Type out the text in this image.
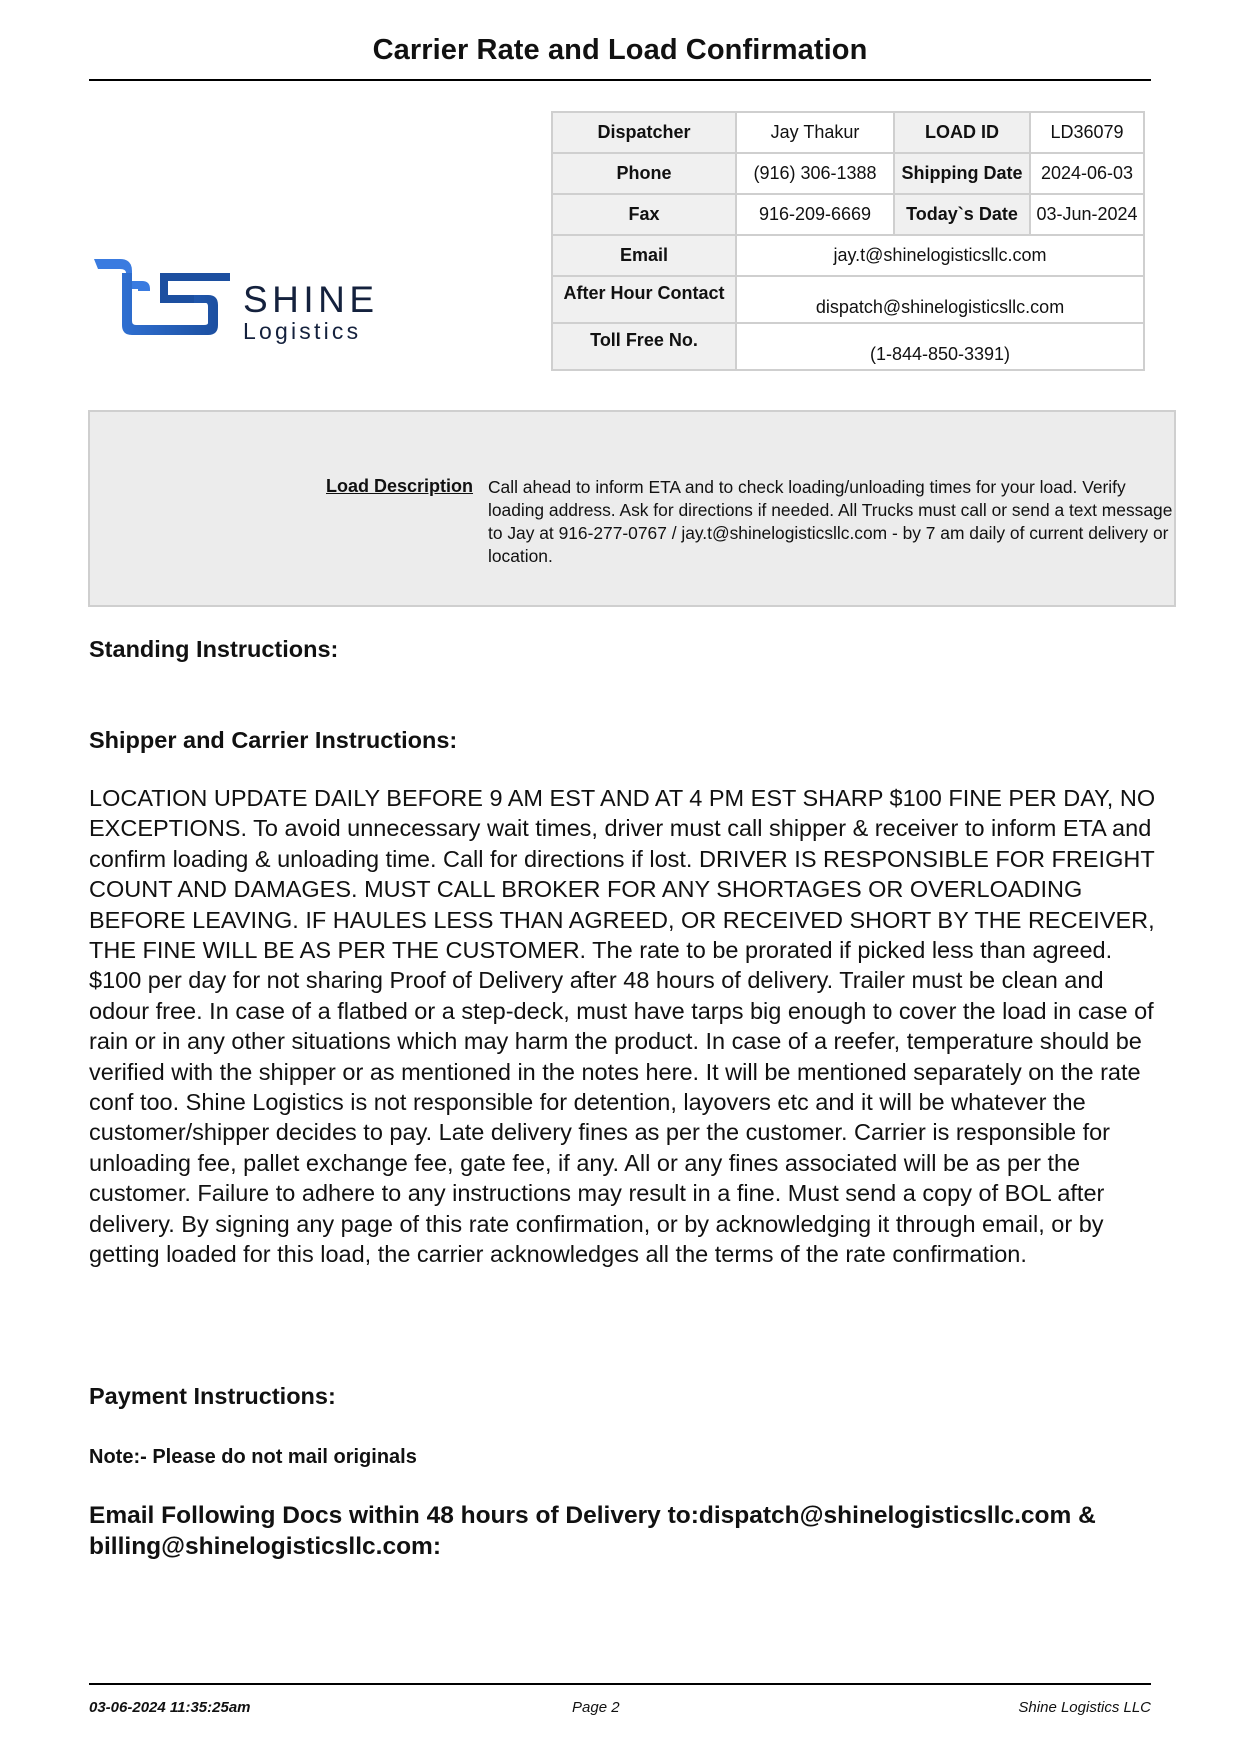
Carrier Rate and Load Confirmation
SHINE
Logistics
Dispatcher	Jay Thakur	LOAD ID	LD36079
Phone	(916) 306-1388	Shipping Date	2024-06-03
Fax	916-209-6669	Today`s Date	03-Jun-2024
Email	jay.t@shinelogisticsllc.com		
After Hour Contact	dispatch@shinelogisticsllc.com		
Toll Free No.	(1-844-850-3391)		
Load Description Call ahead to inform ETA and to check loading/unloading times for your load. Verify loading address. Ask for directions if needed. All Trucks must call or send a text message to Jay at 916-277-0767 / jay.t@shinelogisticsllc.com - by 7 am daily of current delivery or location.
Standing Instructions:
Shipper and Carrier Instructions:
LOCATION UPDATE DAILY BEFORE 9 AM EST AND AT 4 PM EST SHARP $100 FINE PER DAY, NO EXCEPTIONS. To avoid unnecessary wait times, driver must call shipper & receiver to inform ETA and confirm loading & unloading time. Call for directions if lost. DRIVER IS RESPONSIBLE FOR FREIGHT COUNT AND DAMAGES. MUST CALL BROKER FOR ANY SHORTAGES OR OVERLOADING BEFORE LEAVING. IF HAULES LESS THAN AGREED, OR RECEIVED SHORT BY THE RECEIVER, THE FINE WILL BE AS PER THE CUSTOMER. The rate to be prorated if picked less than agreed. $100 per day for not sharing Proof of Delivery after 48 hours of delivery. Trailer must be clean and odour free. In case of a flatbed or a step-deck, must have tarps big enough to cover the load in case of rain or in any other situations which may harm the product. In case of a reefer, temperature should be verified with the shipper or as mentioned in the notes here. It will be mentioned separately on the rate conf too. Shine Logistics is not responsible for detention, layovers etc and it will be whatever the customer/shipper decides to pay. Late delivery fines as per the customer. Carrier is responsible for unloading fee, pallet exchange fee, gate fee, if any. All or any fines associated will be as per the customer. Failure to adhere to any instructions may result in a fine. Must send a copy of BOL after delivery. By signing any page of this rate confirmation, or by acknowledging it through email, or by getting loaded for this load, the carrier acknowledges all the terms of the rate confirmation.
Payment Instructions:
Note:- Please do not mail originals
Email Following Docs within 48 hours of Delivery to:dispatch@shinelogisticsllc.com & billing@shinelogisticsllc.com:
03-06-2024 11:35:25am	Page 2	Shine Logistics LLC
